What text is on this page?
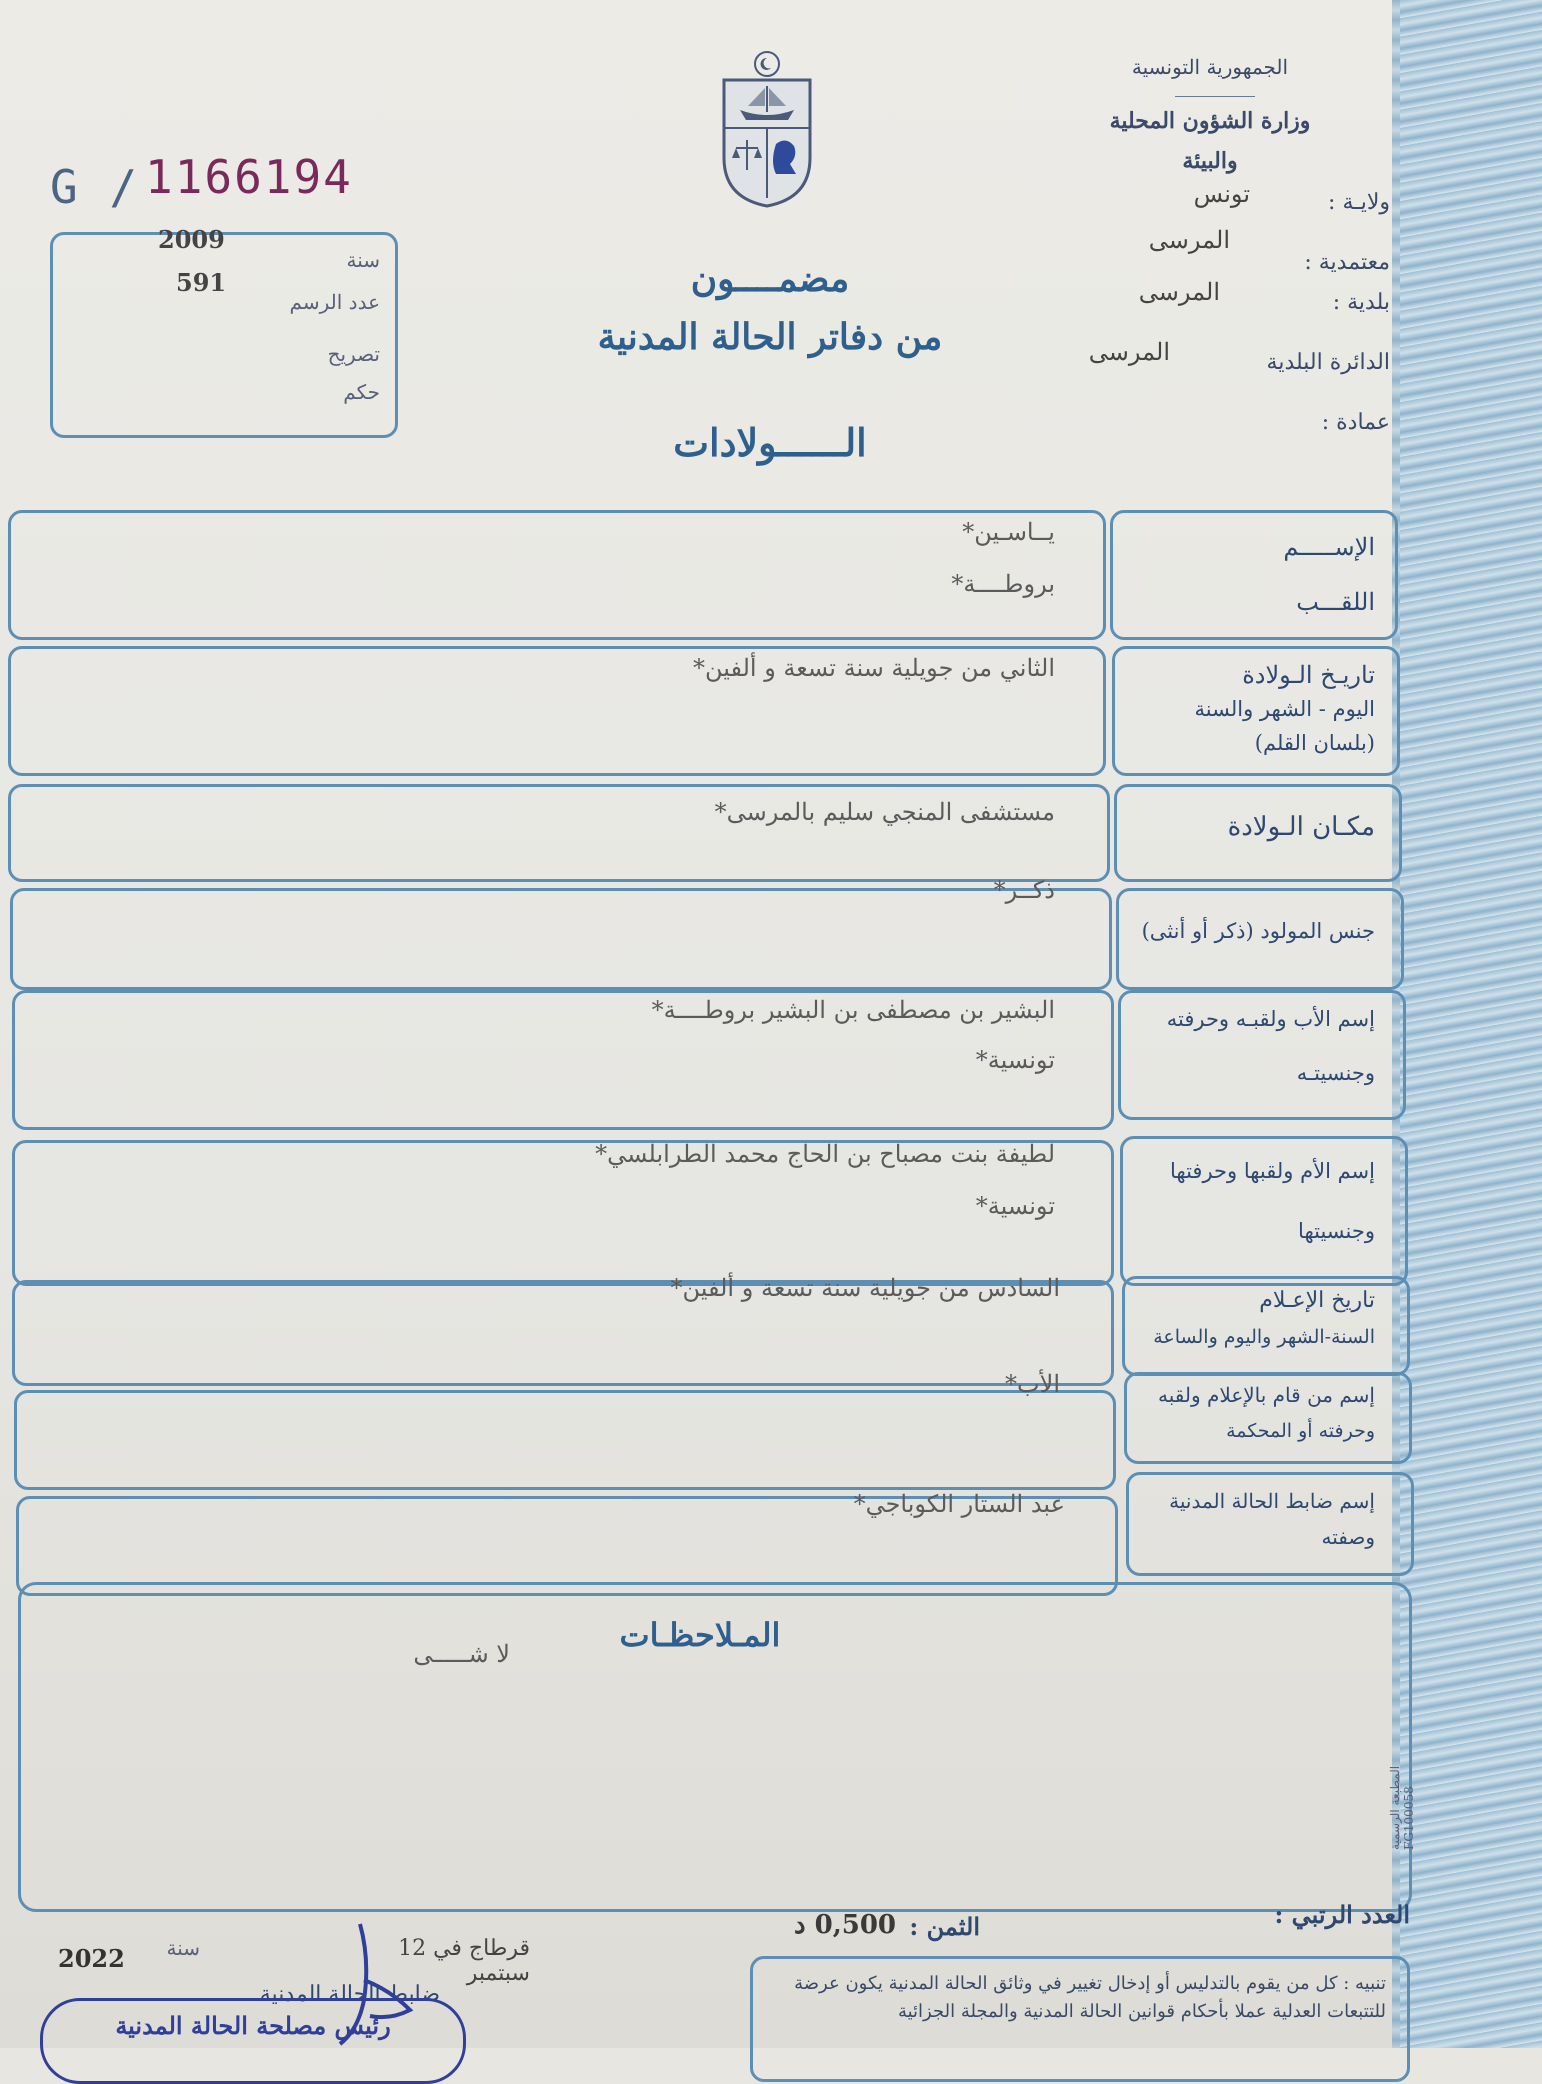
الجمهورية التونسية
وزارة الشؤون المحلية
والبيئة
ولايـة :
تونس
معتمدية :
المرسى
بلدية :
المرسى
الدائرة البلدية
المرسى
عمادة :
G / 1166194
2009
سنة
591
عدد الرسم
تصريح
حكم
مضمــــون
من دفاتر الحالة المدنية
الــــــولادات
الإســـــم
اللقـــب
يــاسـين*
بروطــــة*
تاريـخ الـولادة
اليوم - الشهر والسنة
(بلسان القلم)
الثاني من جويلية سنة تسعة و ألفين*
مكـان الـولادة
مستشفى المنجي سليم بالمرسى*
جنس المولود (ذكر أو أنثى)
ذكــر*
إسم الأب ولقبـه وحرفته
وجنسيتـه
البشير بن مصطفى بن البشير بروطــــة*
تونسية*
إسم الأم ولقبها وحرفتها
وجنسيتها
لطيفة بنت مصباح بن الحاج محمد الطرابلسي*
تونسية*
تاريخ الإعـلام
السنة-الشهر واليوم والساعة
السادس من جويلية سنة تسعة و ألفين*
إسم من قام بالإعلام ولقبه
وحرفته أو المحكمة
الأب*
إسم ضابط الحالة المدنية
وصفته
عبد الستار الكوباجي*
المـلاحظـات
لا شـــــى
المطبعة الرسمية FG100058
العدد الرتبي :
الثمن :
0,500 د
قرطاج في 12 سبتمبر
سنة
2022
ضابط الحالة المدنية
رئيس مصلحة الحالة المدنية
تنبيه : كل من يقوم بالتدليس أو إدخال تغيير في وثائق الحالة المدنية يكون عرضة للتتبعات العدلية عملا بأحكام قوانين الحالة المدنية والمجلة الجزائية
